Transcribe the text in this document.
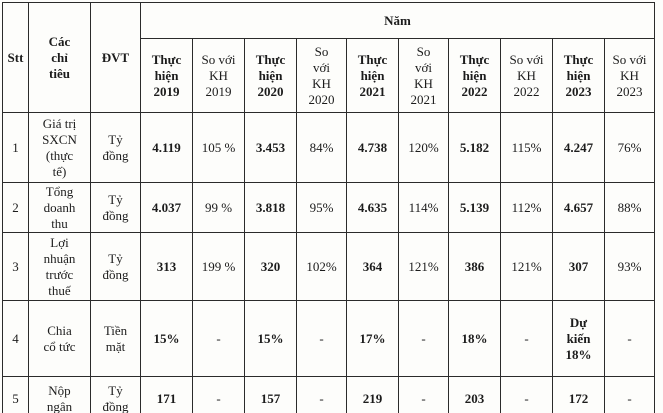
Stt	Các
chỉ
tiêu	ĐVT	Năm									
			Thực
hiện
2019	So với
KH
2019	Thực
hiện
2020	So
với
KH
2020	Thực
hiện
2021	So
với
KH
2021	Thực
hiện
2022	So với
KH
2022	Thực
hiện
2023	So với
KH
2023
1	Giá trị
SXCN
(thực
tế)	Tỷ
đồng	4.119	105 %	3.453	84%	4.738	120%	5.182	115%	4.247	76%
2	Tổng
doanh
thu	Tỷ
đồng	4.037	99 %	3.818	95%	4.635	114%	5.139	112%	4.657	88%
3	Lợi
nhuận
trước
thuế	Tỷ
đồng	313	199 %	320	102%	364	121%	386	121%	307	93%
4	Chia
cổ tức	Tiền
mặt	15%	-	15%	-	17%	-	18%	-	Dự
kiến
18%	-
5	Nộp
ngân	Tỷ
đồng	171	-	157	-	219	-	203	-	172	-
